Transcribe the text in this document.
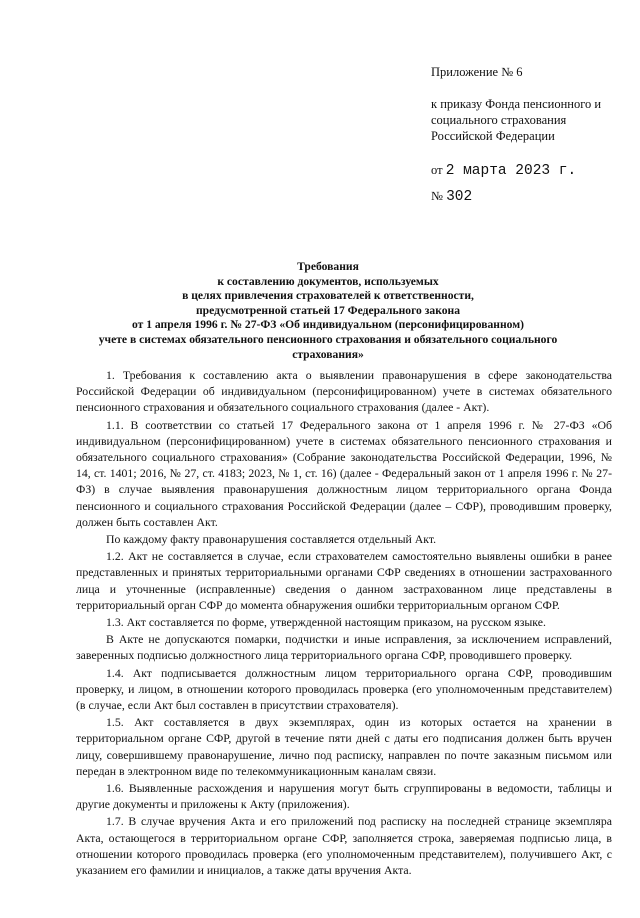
Приложение № 6
к приказу Фонда пенсионного и
социального страхования
Российской Федерации
от 2 марта 2023 г.
№ 302
Требования
к составлению документов, используемых
в целях привлечения страхователей к ответственности,
предусмотренной статьей 17 Федерального закона
от 1 апреля 1996 г. № 27-ФЗ «Об индивидуальном (персонифицированном)
учете в системах обязательного пенсионного страхования и обязательного социального
страхования»

1. Требования к составлению акта о выявлении правонарушения в сфере законодательства Российской Федерации об индивидуальном (персонифицированном) учете в системах обязательного пенсионного страхования и обязательного социального страхования (далее - Акт).

1.1. В соответствии со статьей 17 Федерального закона от 1 апреля 1996 г. № 27-ФЗ «Об индивидуальном (персонифицированном) учете в системах обязательного пенсионного страхования и обязательного социального страхования» (Собрание законодательства Российской Федерации, 1996, № 14, ст. 1401; 2016, № 27, ст. 4183; 2023, № 1, ст. 16) (далее - Федеральный закон от 1 апреля 1996 г. № 27-ФЗ) в случае выявления правонарушения должностным лицом территориального органа Фонда пенсионного и социального страхования Российской Федерации (далее – СФР), проводившим проверку, должен быть составлен Акт.

По каждому факту правонарушения составляется отдельный Акт.

1.2. Акт не составляется в случае, если страхователем самостоятельно выявлены ошибки в ранее представленных и принятых территориальными органами СФР сведениях в отношении застрахованного лица и уточненные (исправленные) сведения о данном застрахованном лице представлены в территориальный орган СФР до момента обнаружения ошибки территориальным органом СФР.

1.3. Акт составляется по форме, утвержденной настоящим приказом, на русском языке.

В Акте не допускаются помарки, подчистки и иные исправления, за исключением исправлений, заверенных подписью должностного лица территориального органа СФР, проводившего проверку.

1.4. Акт подписывается должностным лицом территориального органа СФР, проводившим проверку, и лицом, в отношении которого проводилась проверка (его уполномоченным представителем) (в случае, если Акт был составлен в присутствии страхователя).

1.5. Акт составляется в двух экземплярах, один из которых остается на хранении в территориальном органе СФР, другой в течение пяти дней с даты его подписания должен быть вручен лицу, совершившему правонарушение, лично под расписку, направлен по почте заказным письмом или передан в электронном виде по телекоммуникационным каналам связи.

1.6. Выявленные расхождения и нарушения могут быть сгруппированы в ведомости, таблицы и другие документы и приложены к Акту (приложения).

1.7. В случае вручения Акта и его приложений под расписку на последней странице экземпляра Акта, остающегося в территориальном органе СФР, заполняется строка, заверяемая подписью лица, в отношении которого проводилась проверка (его уполномоченным представителем), получившего Акт, с указанием его фамилии и инициалов, а также даты вручения Акта.
